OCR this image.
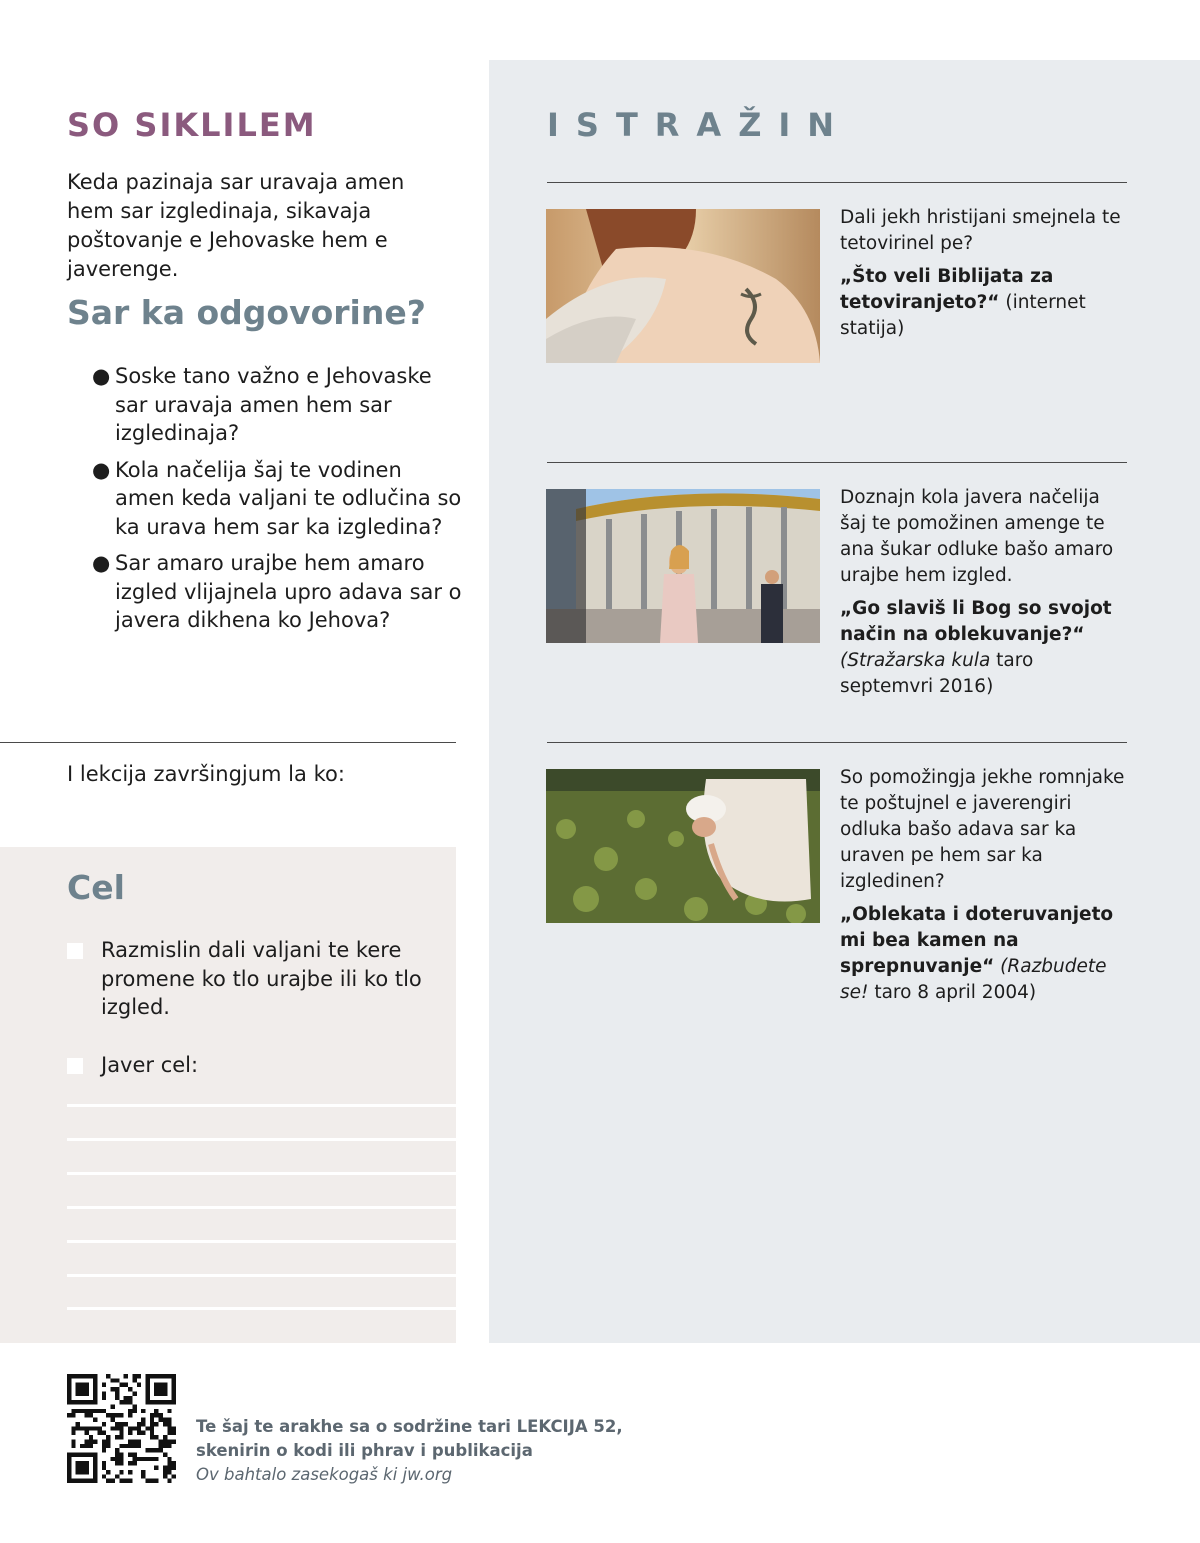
SO SIKLILEM

Keda pazinaja sar uravaja amen hem sar izgledinaja, sikavaja poštovanje e Jehovaske hem e javerenge.

Sar ka odgovorine?
● Soske tano važno e Jehovaske sar uravaja amen hem sar izgledinaja?
● Kola načelija šaj te vodinen amen keda valjani te odlučina so ka urava hem sar ka izgledina?
● Sar amaro urajbe hem amaro izgled vlijajnela upro adava sar o javera dikhena ko Jehova?

I lekcija završingjum la ko:

Cel
Razmislin dali valjani te kere promene ko tlo urajbe ili ko tlo izgled.
Javer cel:
ISTRAŽIN

Dali jekh hristijani smejnela te tetovirinel pe?

„Što veli Biblijata za tetoviranjeto?“ (internet statija)

Doznajn kola javera načelija šaj te pomožinen amenge te ana šukar odluke bašo amaro urajbe hem izgled.

„Go slaviš li Bog so svojot način na oblekuvanje?“ (Stražarska kula taro septemvri 2016)

So pomožingja jekhe romnjake te poštujnel e javerengiri odluka bašo adava sar ka uraven pe hem sar ka izgledinen?

„Oblekata i doteruvanjeto mi bea kamen na sprepnuvanje“ (Razbudete se! taro 8 april 2004)

Te šaj te arakhe sa o sodržine tari LEKCIJA 52, skenirin o kodi ili phrav i publikacija
Ov bahtalo zasekogaš ki jw.org
